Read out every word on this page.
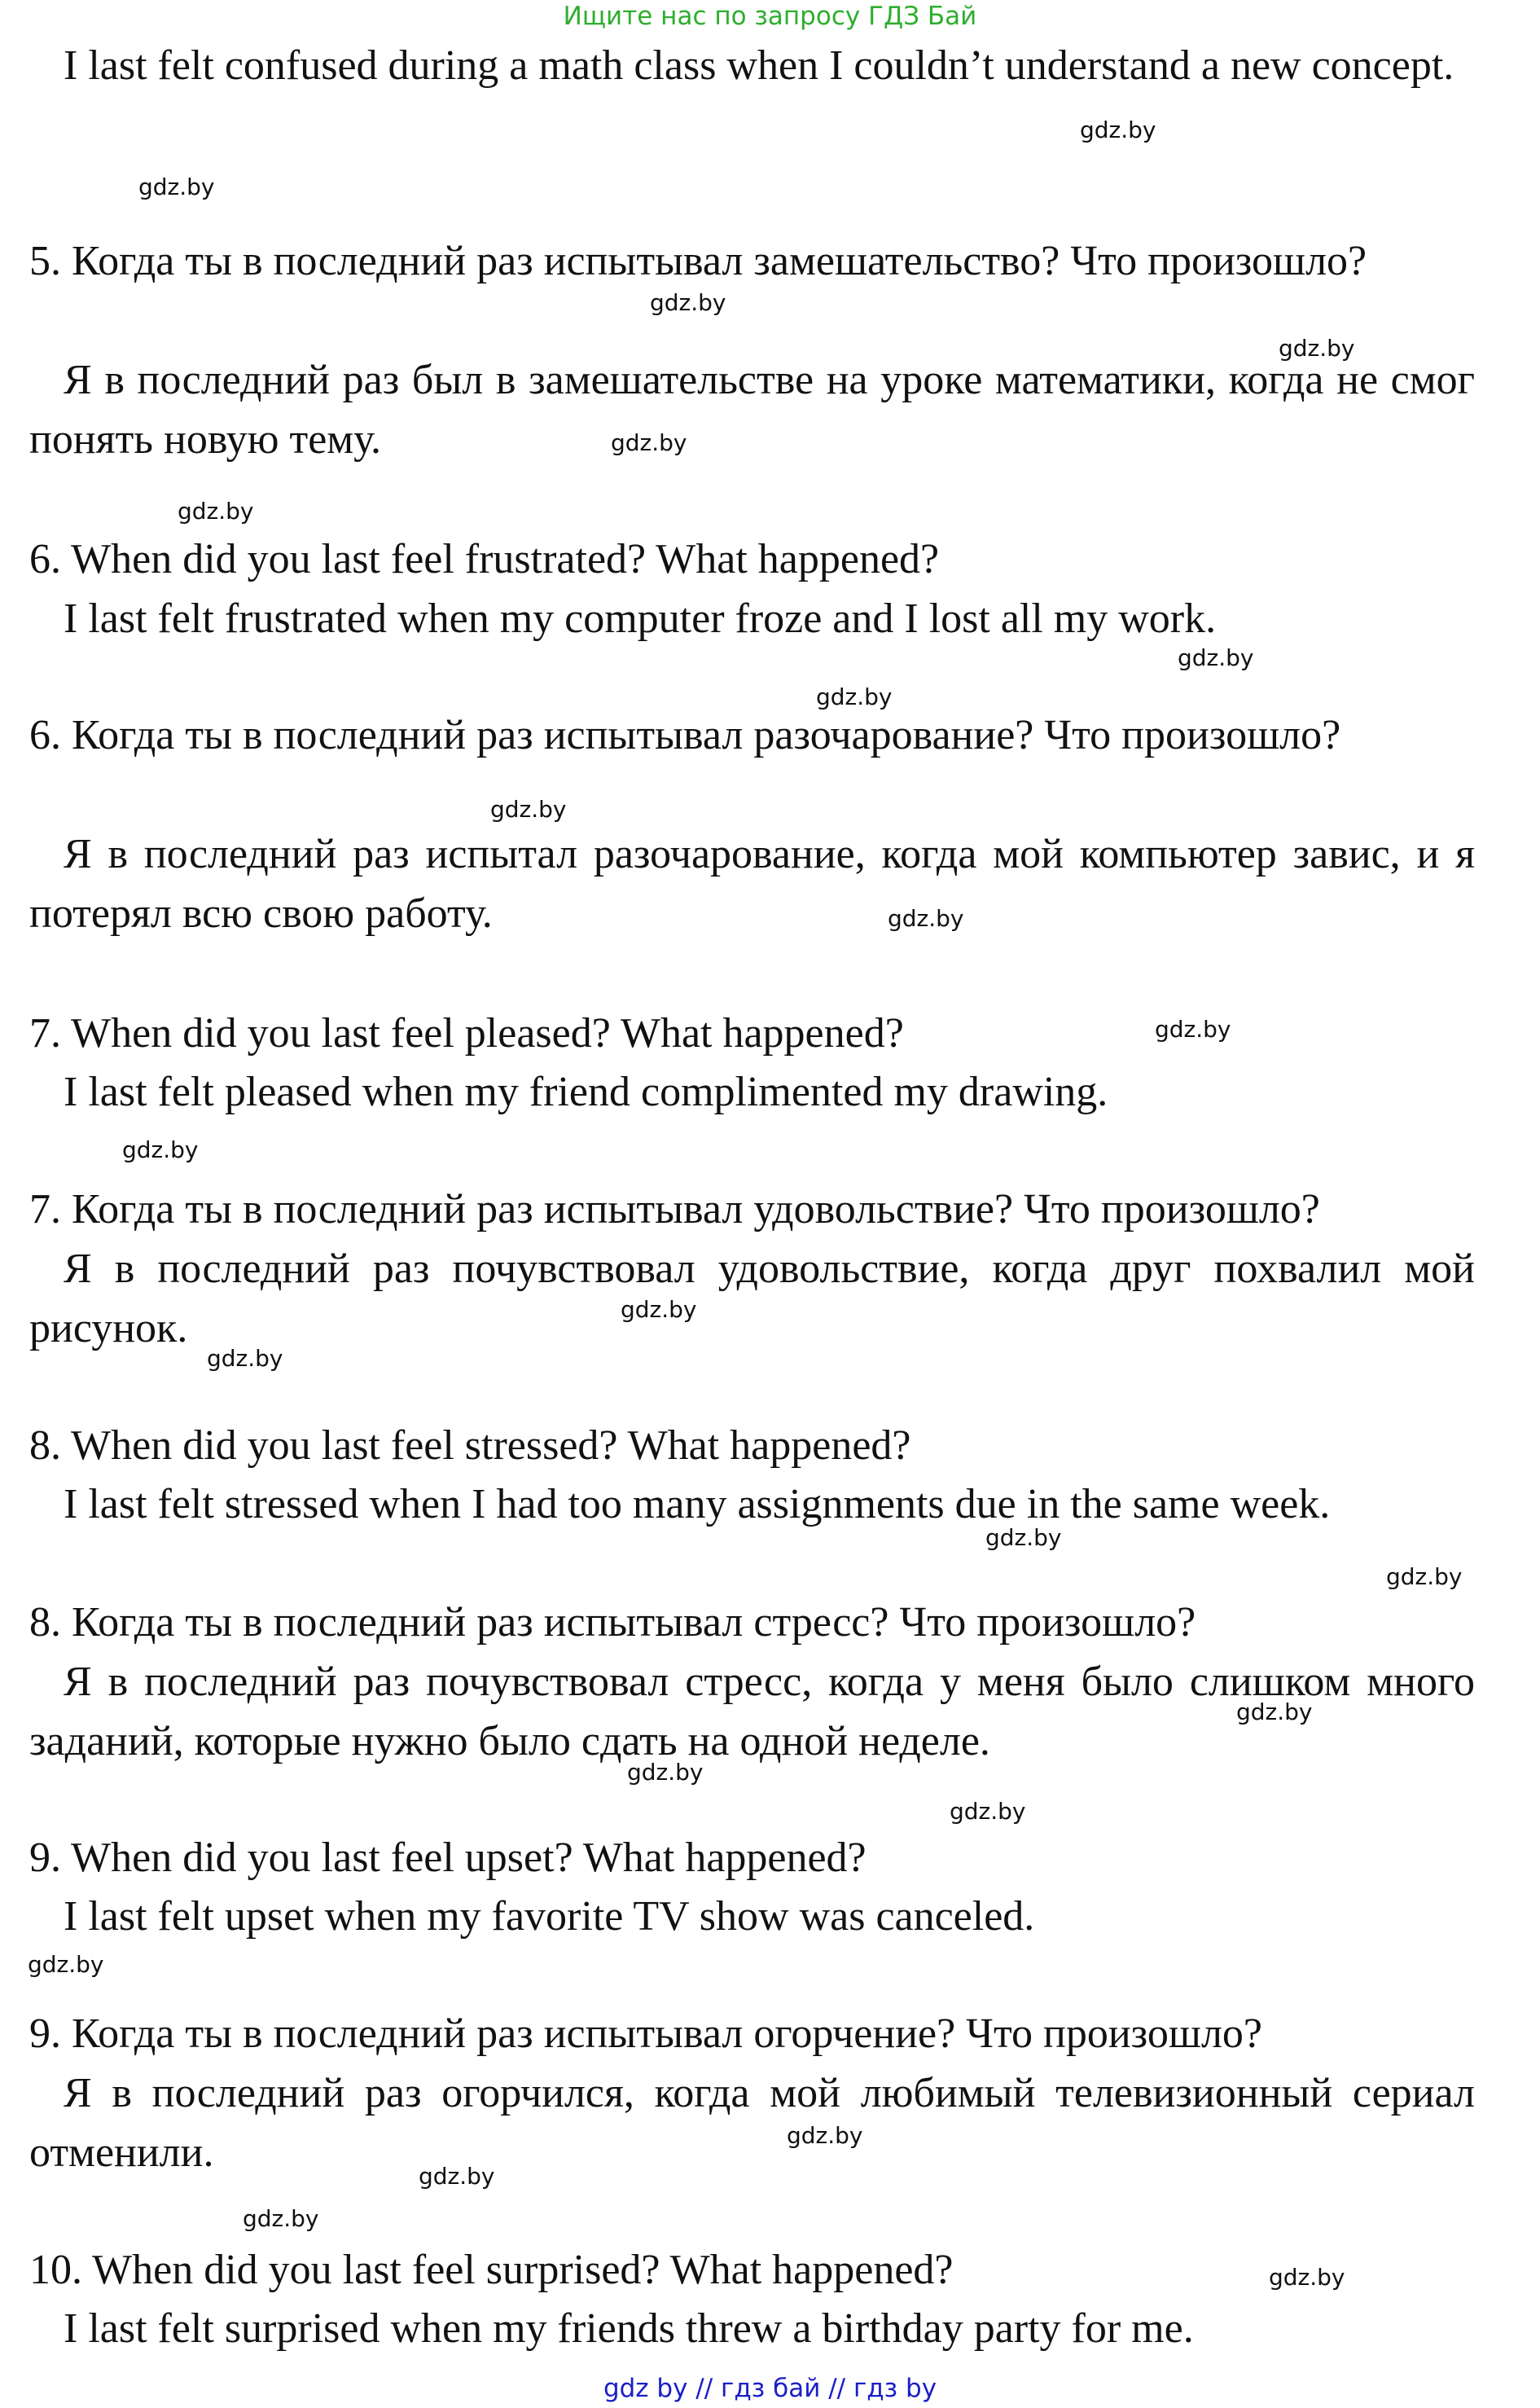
Ищите нас по запросу ГДЗ Бай
I last felt confused during a math class when I couldn’t understand a new concept.
5. Когда ты в последний раз испытывал замешательство? Что произошло?
Я в последний раз был в замешательстве на уроке математики, когда не смог понять новую тему.
6. When did you last feel frustrated? What happened?
I last felt frustrated when my computer froze and I lost all my work.
6. Когда ты в последний раз испытывал разочарование? Что произошло?
Я в последний раз испытал разочарование, когда мой компьютер завис, и я потерял всю свою работу.
7. When did you last feel pleased? What happened?
I last felt pleased when my friend complimented my drawing.
7. Когда ты в последний раз испытывал удовольствие? Что произошло?
Я в последний раз почувствовал удовольствие, когда друг похвалил мой рисунок.
8. When did you last feel stressed? What happened?
I last felt stressed when I had too many assignments due in the same week.
8. Когда ты в последний раз испытывал стресс? Что произошло?
Я в последний раз почувствовал стресс, когда у меня было слишком много заданий, которые нужно было сдать на одной неделе.
9. When did you last feel upset? What happened?
I last felt upset when my favorite TV show was canceled.
9. Когда ты в последний раз испытывал огорчение? Что произошло?
Я в последний раз огорчился, когда мой любимый телевизионный сериал отменили.
10. When did you last feel surprised? What happened?
I last felt surprised when my friends threw a birthday party for me.
gdz.by
gdz.by
gdz.by
gdz.by
gdz.by
gdz.by
gdz.by
gdz.by
gdz.by
gdz.by
gdz.by
gdz.by
gdz.by
gdz.by
gdz.by
gdz.by
gdz.by
gdz.by
gdz.by
gdz.by
gdz.by
gdz.by
gdz.by
gdz.by
gdz by // гдз бай // гдз by
